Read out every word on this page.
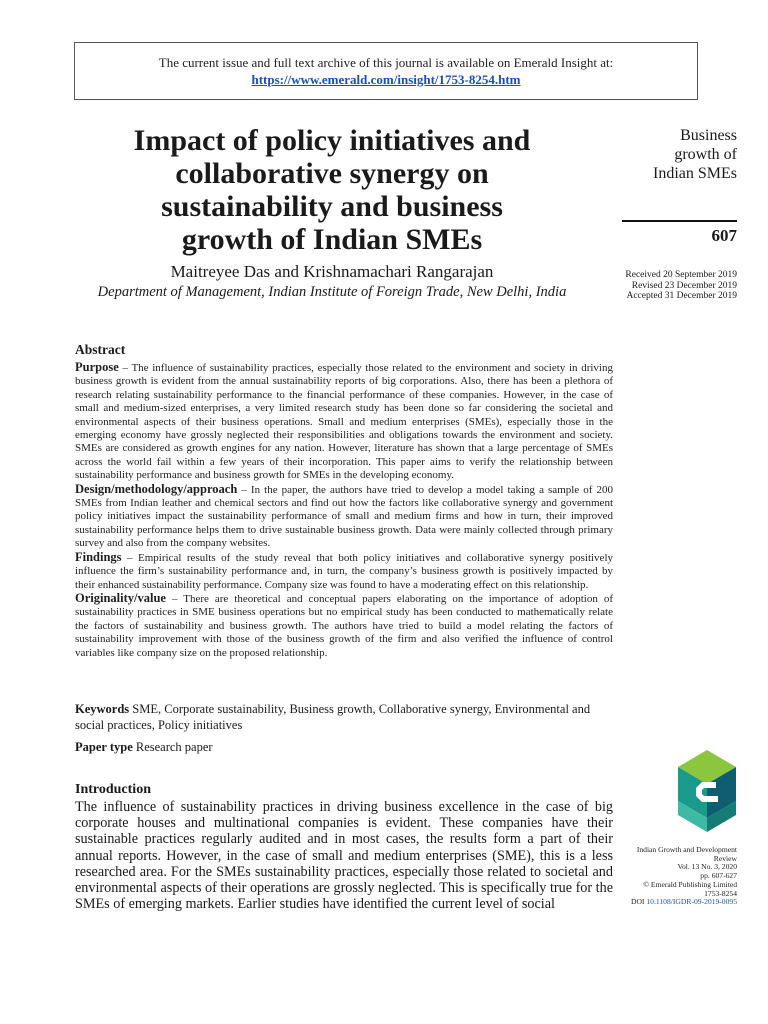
The current issue and full text archive of this journal is available on Emerald Insight at:
https://www.emerald.com/insight/1753-8254.htm
Impact of policy initiatives and
collaborative synergy on
sustainability and business
growth of Indian SMEs
Maitreyee Das and Krishnamachari Rangarajan
Department of Management, Indian Institute of Foreign Trade, New Delhi, India
Business
growth of
Indian SMEs
607
Received 20 September 2019
Revised 23 December 2019
Accepted 31 December 2019
Abstract

Purpose – The influence of sustainability practices, especially those related to the environment and society in driving business growth is evident from the annual sustainability reports of big corporations. Also, there has been a plethora of research relating sustainability performance to the financial performance of these companies. However, in the case of small and medium-sized enterprises, a very limited research study has been done so far considering the societal and environmental aspects of their business operations. Small and medium enterprises (SMEs), especially those in the emerging economy have grossly neglected their responsibilities and obligations towards the environment and society. SMEs are considered as growth engines for any nation. However, literature has shown that a large percentage of SMEs across the world fail within a few years of their incorporation. This paper aims to verify the relationship between sustainability performance and business growth for SMEs in the developing economy.

Design/methodology/approach – In the paper, the authors have tried to develop a model taking a sample of 200 SMEs from Indian leather and chemical sectors and find out how the factors like collaborative synergy and government policy initiatives impact the sustainability performance of small and medium firms and how in turn, their improved sustainability performance helps them to drive sustainable business growth. Data were mainly collected through primary survey and also from the company websites.

Findings – Empirical results of the study reveal that both policy initiatives and collaborative synergy positively influence the firm’s sustainability performance and, in turn, the company’s business growth is positively impacted by their enhanced sustainability performance. Company size was found to have a moderating effect on this relationship.

Originality/value – There are theoretical and conceptual papers elaborating on the importance of adoption of sustainability practices in SME business operations but no empirical study has been conducted to mathematically relate the factors of sustainability and business growth. The authors have tried to build a model relating the factors of sustainability improvement with those of the business growth of the firm and also verified the influence of control variables like company size on the proposed relationship.

Keywords SME, Corporate sustainability, Business growth, Collaborative synergy, Environmental and social practices, Policy initiatives
Paper type Research paper
Introduction

The influence of sustainability practices in driving business excellence in the case of big corporate houses and multinational companies is evident. These companies have their sustainable practices regularly audited and in most cases, the results form a part of their annual reports. However, in the case of small and medium enterprises (SME), this is a less researched area. For the SMEs sustainability practices, especially those related to societal and environmental aspects of their operations are grossly neglected. This is specifically true for the SMEs of emerging markets. Earlier studies have identified the current level of social

Indian Growth and Development
Review
Vol. 13 No. 3, 2020
pp. 607-627
© Emerald Publishing Limited
1753-8254
DOI 10.1108/IGDR-09-2019-0095
